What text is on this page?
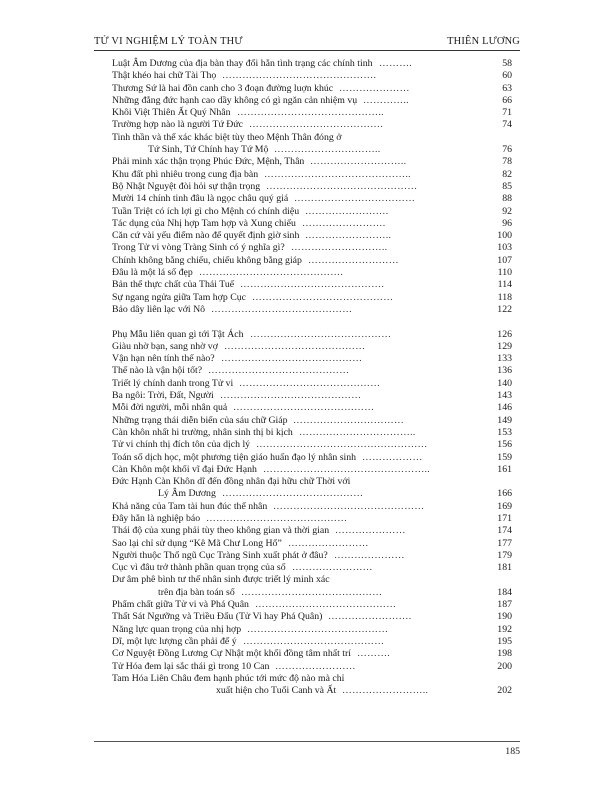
TỬ VI NGHIỆM LÝ TOÀN THƯ	THIÊN LƯƠNG
Luật Âm Dương của địa bàn thay đổi hẳn tình trạng các chính tinh ……….	58
Thật khéo hai chữ Tài Thọ ……………………………………….	60
Thương Sứ là hai đồn canh cho 3 đoạn đường luợn khúc …………………	63
Những đẳng đức hạnh cao dầy không có gì ngăn cản nhiệm vụ …………..	66
Khôi Việt Thiên Ất Quý Nhân ……………………………………..	71
Trường hợp nào là người Tứ Đức ………………………………….	74
Tinh thần và thể xác khác biệt tùy theo Mệnh Thân đóng ở
Tứ Sinh, Tứ Chính hay Tứ Mộ …………………………..	76
Phải minh xác thận trọng Phúc Đức, Mệnh, Thân ………………………..	78
Khu đất phì nhiêu trong cung địa bàn ……………………………………..	82
Bộ Nhật Nguyệt đòi hỏi sự thận trọng ………………………………………	85
Mười 14 chính tinh đâu là ngọc châu quý giá ………………………………	88
Tuần Triệt có ích lợi gì cho Mệnh có chính diệu …………………….	92
Tác dụng của Nhị hợp Tam hợp và Xung chiếu …………………….	96
Căn cứ vài yếu điểm nào để quyết định giờ sinh ……………………..	100
Trong Tử vi vòng Tràng Sinh có ý nghĩa gì? ………………………..	103
Chính không bằng chiếu, chiếu không bằng giáp ………………………	107
Đâu là một lá số đẹp …………………………………….	110
Bản thể thực chất của Thái Tuế …………………………………….	114
Sự ngang ngửa giữa Tam hợp Cục ……………………………………	118
Bảo dây liên lạc với Nô ……………………………………	122
Phụ Mẫu liên quan gì tới Tật Ách ……………………………………	126
Giàu nhờ bạn, sang nhờ vợ ……………………………………	129
Vận hạn nên tính thế nào? ……………………………………	133
Thế nào là vận hội tốt? ……………………………………	136
Triết lý chính danh trong Tử vi ……………………………………	140
Ba ngôi: Trời, Đất, Người ……………………………………	143
Mỗi đời người, mỗi nhân quả ……………………………………	146
Những trạng thái diễn biến của sáu chữ Giáp ……………………………	149
Càn khôn nhất hi trường, nhân sinh thị bi kịch ……………………………..	153
Tử vi chính thị đích tôn của dịch lý ……………………………………………	156
Toán số dịch học, một phương tiện giáo huấn đạo lý nhân sinh ………………	159
Càn Khôn một khối vĩ đại Đức Hạnh …………………………………………..	161
Đức Hạnh Càn Khôn dĩ đến đồng nhân đại hữu chữ Thời với
Lý Âm Dương ……………………………………	166
Khả năng của Tam tài hun đúc thể nhân ………………………………………	169
Đây hẳn là nghiệp báo ……………………………………	171
Thái độ của xung phải tùy theo không gian và thời gian …………………	174
Sao lại chỉ sử dụng “Kê Mã Chư Long Hổ” ……………………	177
Người thuộc Thổ ngũ Cục Tràng Sinh xuất phát ở đâu? …………………	179
Cục vì đâu trở thành phần quan trọng của số ……………………	181
Dư âm phê bình tư thế nhân sinh được triết lý minh xác
trên địa bàn toán số ……………………………………	184
Phẩm chất giữa Tử vi và Phá Quân ……………………………………	187
Thất Sát Ngưỡng và Triều Đẩu (Tử Vi hay Phá Quân) …………………….	190
Năng lực quan trọng của nhị hợp ……………………………………	192
Dĩ, một lực lượng cần phải để ý ……………………………………	195
Cơ Nguyệt Đồng Lương Cự Nhật một khối đồng tâm nhất trí ……….	198
Tử Hóa đem lại sắc thái gì trong 10 Can ……………………	200
Tam Hóa Liên Châu đem hạnh phúc tới mức độ nào mà chỉ
xuất hiện cho Tuổi Canh và Ất ……………………..	202
185
